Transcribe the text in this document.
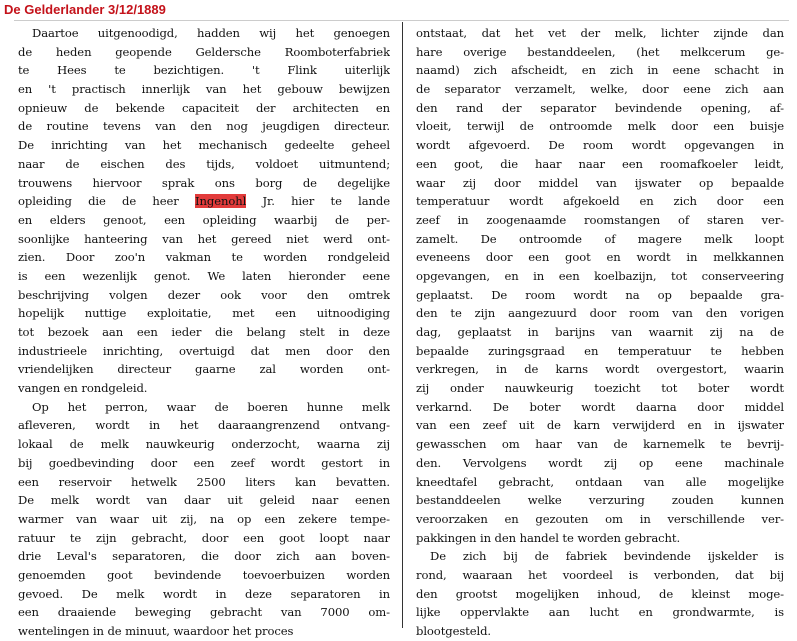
De Gelderlander 3/12/1889
Daartoe uitgenoodigd, hadden wij het genoegen
de heden geopende Geldersche Roomboterfabriek
te Hees te bezichtigen. 't Flink uiterlijk
en 't practisch innerlijk van het gebouw bewijzen
opnieuw de bekende capaciteit der architecten en
de routine tevens van den nog jeugdigen directeur.
De inrichting van het mechanisch gedeelte geheel
naar de eischen des tijds, voldoet uitmuntend;
trouwens hiervoor sprak ons borg de degelijke
opleiding die de heer Ingenohl Jr. hier te lande
en elders genoot, een opleiding waarbij de per-
soonlijke hanteering van het gereed niet werd ont-
zien. Door zoo'n vakman te worden rondgeleid
is een wezenlijk genot. We laten hieronder eene
beschrijving volgen dezer ook voor den omtrek
hopelijk nuttige exploitatie, met een uitnoodiging
tot bezoek aan een ieder die belang stelt in deze
industrieele inrichting, overtuigd dat men door den
vriendelijken directeur gaarne zal worden ont-
vangen en rondgeleid.
Op het perron, waar de boeren hunne melk
afleveren, wordt in het daaraangrenzend ontvang-
lokaal de melk nauwkeurig onderzocht, waarna zij
bij goedbevinding door een zeef wordt gestort in
een reservoir hetwelk 2500 liters kan bevatten.
De melk wordt van daar uit geleid naar eenen
warmer van waar uit zij, na op een zekere tempe-
ratuur te zijn gebracht, door een goot loopt naar
drie Leval's separatoren, die door zich aan boven-
genoemden goot bevindende toevoerbuizen worden
gevoed. De melk wordt in deze separatoren in
een draaiende beweging gebracht van 7000 om-
wentelingen in de minuut, waardoor het proces
ontstaat, dat het vet der melk, lichter zijnde dan
hare overige bestanddeelen, (het melkcerum ge-
naamd) zich afscheidt, en zich in eene schacht in
de separator verzamelt, welke, door eene zich aan
den rand der separator bevindende opening, af-
vloeit, terwijl de ontroomde melk door een buisje
wordt afgevoerd. De room wordt opgevangen in
een goot, die haar naar een roomafkoeler leidt,
waar zij door middel van ijswater op bepaalde
temperatuur wordt afgekoeld en zich door een
zeef in zoogenaamde roomstangen of staren ver-
zamelt. De ontroomde of magere melk loopt
eveneens door een goot en wordt in melkkannen
opgevangen, en in een koelbazijn, tot conserveering
geplaatst. De room wordt na op bepaalde gra-
den te zijn aangezuurd door room van den vorigen
dag, geplaatst in barijns van waarnit zij na de
bepaalde zuringsgraad en temperatuur te hebben
verkregen, in de karns wordt overgestort, waarin
zij onder nauwkeurig toezicht tot boter wordt
verkarnd. De boter wordt daarna door middel
van een zeef uit de karn verwijderd en in ijswater
gewasschen om haar van de karnemelk te bevrij-
den. Vervolgens wordt zij op eene machinale
kneedtafel gebracht, ontdaan van alle mogelijke
bestanddeelen welke verzuring zouden kunnen
veroorzaken en gezouten om in verschillende ver-
pakkingen in den handel te worden gebracht.
De zich bij de fabriek bevindende ijskelder is
rond, waaraan het voordeel is verbonden, dat bij
den grootst mogelijken inhoud, de kleinst moge-
lijke oppervlakte aan lucht en grondwarmte, is
blootgesteld.
